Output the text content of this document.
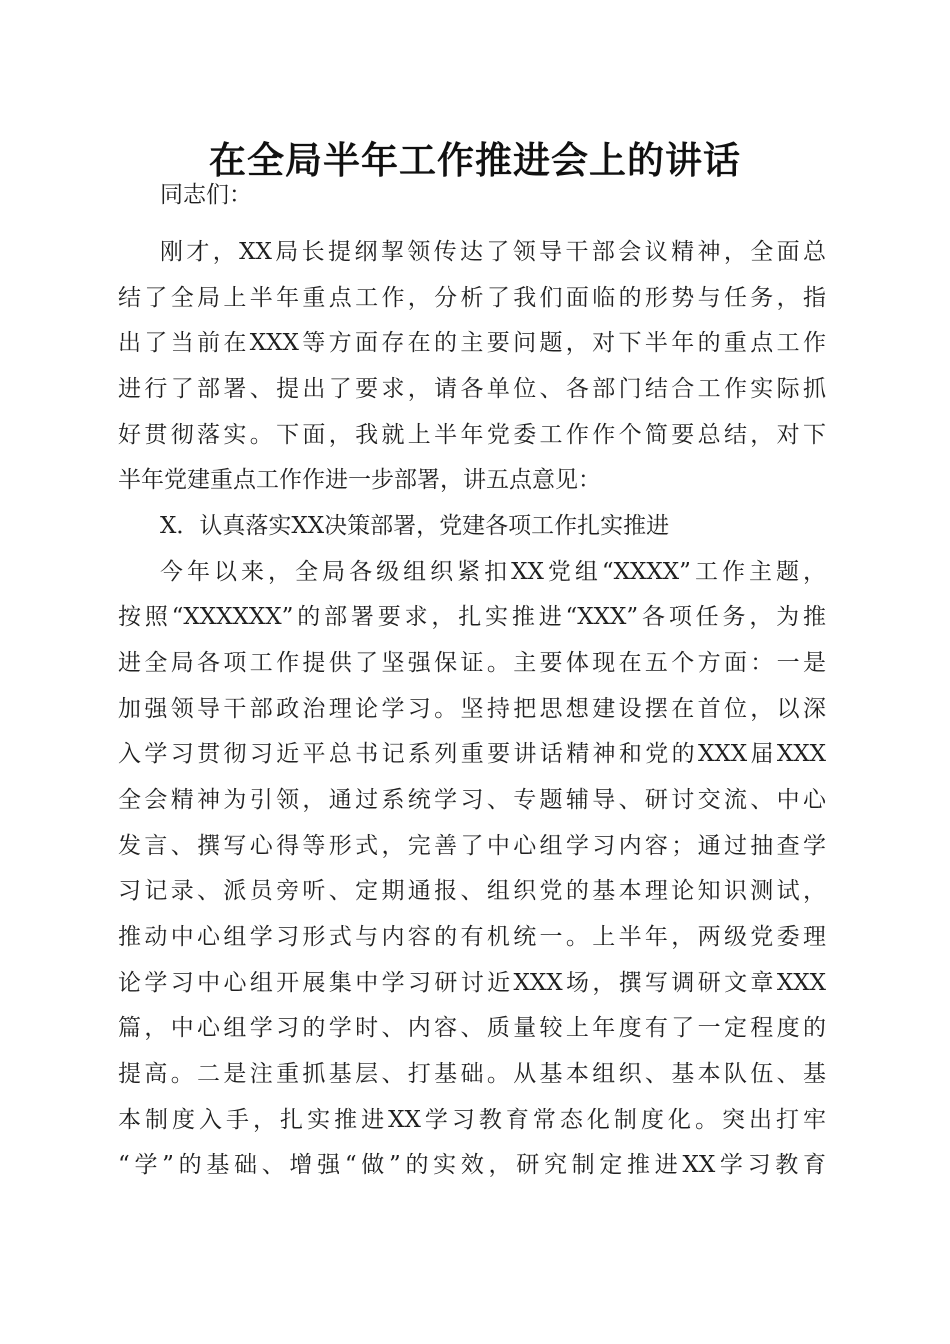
在全局半年工作推进会上的讲话
同志们：
刚才，XX局长提纲挈领传达了领导干部会议精神，全面总
结了全局上半年重点工作，分析了我们面临的形势与任务，指
出了当前在XXX等方面存在的主要问题，对下半年的重点工作
进行了部署、提出了要求，请各单位、各部门结合工作实际抓
好贯彻落实。下面，我就上半年党委工作作个简要总结，对下
半年党建重点工作作进一步部署，讲五点意见：
X．认真落实XX决策部署，党建各项工作扎实推进
今年以来，全局各级组织紧扣XX党组“XXXX”工作主题，
按照“XXXXXX”的部署要求，扎实推进“XXX”各项任务，为推
进全局各项工作提供了坚强保证。主要体现在五个方面：一是
加强领导干部政治理论学习。坚持把思想建设摆在首位，以深
入学习贯彻习近平总书记系列重要讲话精神和党的XXX届XXX
全会精神为引领，通过系统学习、专题辅导、研讨交流、中心
发言、撰写心得等形式，完善了中心组学习内容；通过抽查学
习记录、派员旁听、定期通报、组织党的基本理论知识测试，
推动中心组学习形式与内容的有机统一。上半年，两级党委理
论学习中心组开展集中学习研讨近XXX场，撰写调研文章XXX
篇，中心组学习的学时、内容、质量较上年度有了一定程度的
提高。二是注重抓基层、打基础。从基本组织、基本队伍、基
本制度入手，扎实推进XX学习教育常态化制度化。突出打牢
“学”的基础、增强“做”的实效，研究制定推进XX学习教育
